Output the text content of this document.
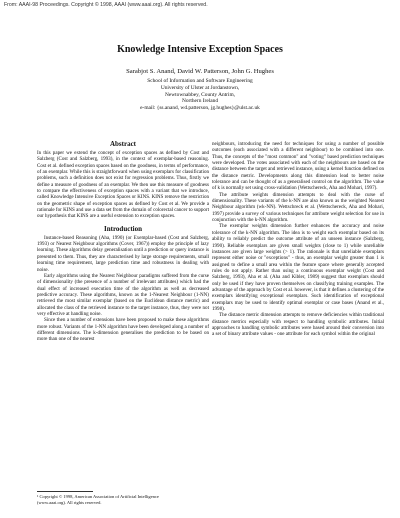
From: AAAI-98 Proceedings. Copyright © 1998, AAAI (www.aaai.org). All rights reserved.
Knowledge Intensive Exception Spaces
Sarabjot S. Anand, David W. Patterson, John G. Hughes
School of Information and Software Engineering
University of Ulster at Jordanstown,
Newtownabbey, County Antrim,
Northern Ireland
e-mail: {ss.anand, wd.patterson, jg.hughes}@ulst.ac.uk
Abstract

In this paper we extend the concept of exception spaces as defined by Cost and Salzberg (Cost and Salzberg, 1993), in the context of exemplar-based reasoning. Cost et al. defined exception spaces based on the goodness, in terms of performance, of an exemplar. While this is straightforward when using exemplars for classification problems, such a definition does not exist for regression problems. Thus, firstly we define a measure of goodness of an exemplar. We then use this measure of goodness to compare the effectiveness of exception spaces with a variant that we introduce, called Knowledge Intensive Exception Spaces or KINS. KINS remove the restriction on the geometric shape of exception spaces as defined by Cost et al. We provide a rationale for KINS and use a data set from the domain of colorectal cancer to support our hypothesis that KINS are a useful extension to exception spaces.

Introduction

Instance-based Reasoning (Aha, 1990) (or Exemplar-based (Cost and Salzberg, 1993) or Nearest Neighbour algorithms (Cover, 1967)) employ the principle of lazy learning. These algorithms delay generalisation until a prediction or query instance is presented to them. Thus, they are characterised by large storage requirements, small learning time requirement, large prediction time and robustness in dealing with noise.

Early algorithms using the Nearest Neighbour paradigms suffered from the curse of dimensionality (the presence of a number of irrelevant attributes) which had the dual effect of increased execution time of the algorithm as well as decreased predictive accuracy. These algorithms, known as the 1-Nearest Neighbour (1-NN) retrieved the most similar exemplar (based on the Euclidean distance metric) and allocated the class of the retrieved instance to the target instance, thus, they were not very effective at handling noise.

Since then a number of extensions have been proposed to make these algorithms more robust. Variants of the 1-NN algorithm have been developed along a number of different dimensions. The k-dimension generalises the prediction to be based on more than one of the nearest

neighbours, introducing the need for techniques for using a number of possible outcomes (each associated with a different neighbour) to be combined into one. Thus, the concepts of the "most common" and "voting" based prediction techniques were developed. The votes associated with each of the neighbours are based on the distance between the target and retrieved instance, using a kernel function defined on the distance metric. Developments along this dimension lead to better noise tolerance and can be thought of as a generalised control on the algorithm. The value of k is normally set using cross-validation (Wettschereck, Aha and Mohari, 1997).

The attribute weights dimension attempts to deal with the curse of dimensionality. These variants of the k-NN are also known as the weighted Nearest Neighbour algorithm (wk-NN). Wettschreck et al. (Wettschereck, Aha and Mohari, 1997) provide a survey of various techniques for attribute weight selection for use in conjunction with the k-NN algorithm.

The exemplar weights dimension further enhances the accuracy and noise tolerance of the k-NN algorithm. The idea is to weight each exemplar based on its ability to reliably predict the outcome attribute of an unseen instance (Salzberg, 1990). Reliable exemplars are given small weights (close to 1) while unreliable instances are given large weights (> 1). The rationale is that unreliable exemplars represent either noise or "exceptions" - thus, an exemplar weight greater than 1 is assigned to define a small area within the feature space where generally accepted rules do not apply. Rather than using a continuous exemplar weight (Cost and Salzberg, 1993), Aha et al. (Aha and Kibler, 1989) suggest that exemplars should only be used if they have proven themselves on classifying training examples. The advantage of the approach by Cost et al. however, is that it defines a clustering of the exemplars identifying exceptional exemplars. Such identification of exceptional exemplars may be used to identify optimal exemplar or case bases (Anand et al., 1998).

The distance metric dimension attempts to remove deficiencies within traditional distance metrics especially with respect to handling symbolic attributes. Initial approaches to handling symbolic attributes were based around their conversion into a set of binary attribute values - one attribute for each symbol within the original

¹ Copyright © 1998, American Association of Artificial Intelligence
(www.aaai.org). All rights reserved.
